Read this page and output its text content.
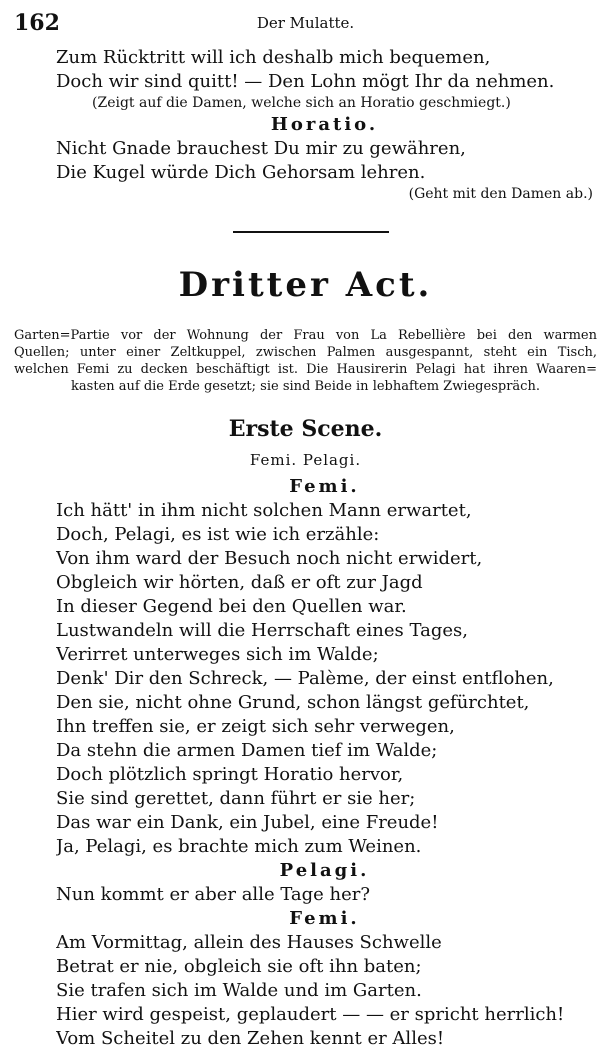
162	Der Mulatte.
Zum Rücktritt will ich deshalb mich bequemen,
Doch wir sind quitt! — Den Lohn mögt Ihr da nehmen.
(Zeigt auf die Damen, welche sich an Horatio geschmiegt.)
Horatio.
Nicht Gnade brauchest Du mir zu gewähren,
Die Kugel würde Dich Gehorsam lehren.
(Geht mit den Damen ab.)
Dritter Act.
Garten=Partie vor der Wohnung der Frau von La Rebellière bei den warmen
Quellen; unter einer Zeltkuppel, zwischen Palmen ausgespannt, steht ein Tisch,
welchen Femi zu decken beschäftigt ist. Die Hausirerin Pelagi hat ihren Waaren=
kasten auf die Erde gesetzt; sie sind Beide in lebhaftem Zwiegespräch.
Erste Scene.
Femi. Pelagi.
Femi.
Ich hätt' in ihm nicht solchen Mann erwartet,
Doch, Pelagi, es ist wie ich erzähle:
Von ihm ward der Besuch noch nicht erwidert,
Obgleich wir hörten, daß er oft zur Jagd
In dieser Gegend bei den Quellen war.
Lustwandeln will die Herrschaft eines Tages,
Verirret unterweges sich im Walde;
Denk' Dir den Schreck, — Palème, der einst entflohen,
Den sie, nicht ohne Grund, schon längst gefürchtet,
Ihn treffen sie, er zeigt sich sehr verwegen,
Da stehn die armen Damen tief im Walde;
Doch plötzlich springt Horatio hervor,
Sie sind gerettet, dann führt er sie her;
Das war ein Dank, ein Jubel, eine Freude!
Ja, Pelagi, es brachte mich zum Weinen.
Pelagi.
Nun kommt er aber alle Tage her?
Femi.
Am Vormittag, allein des Hauses Schwelle
Betrat er nie, obgleich sie oft ihn baten;
Sie trafen sich im Walde und im Garten.
Hier wird gespeist, geplaudert — — er spricht herrlich!
Vom Scheitel zu den Zehen kennt er Alles!
